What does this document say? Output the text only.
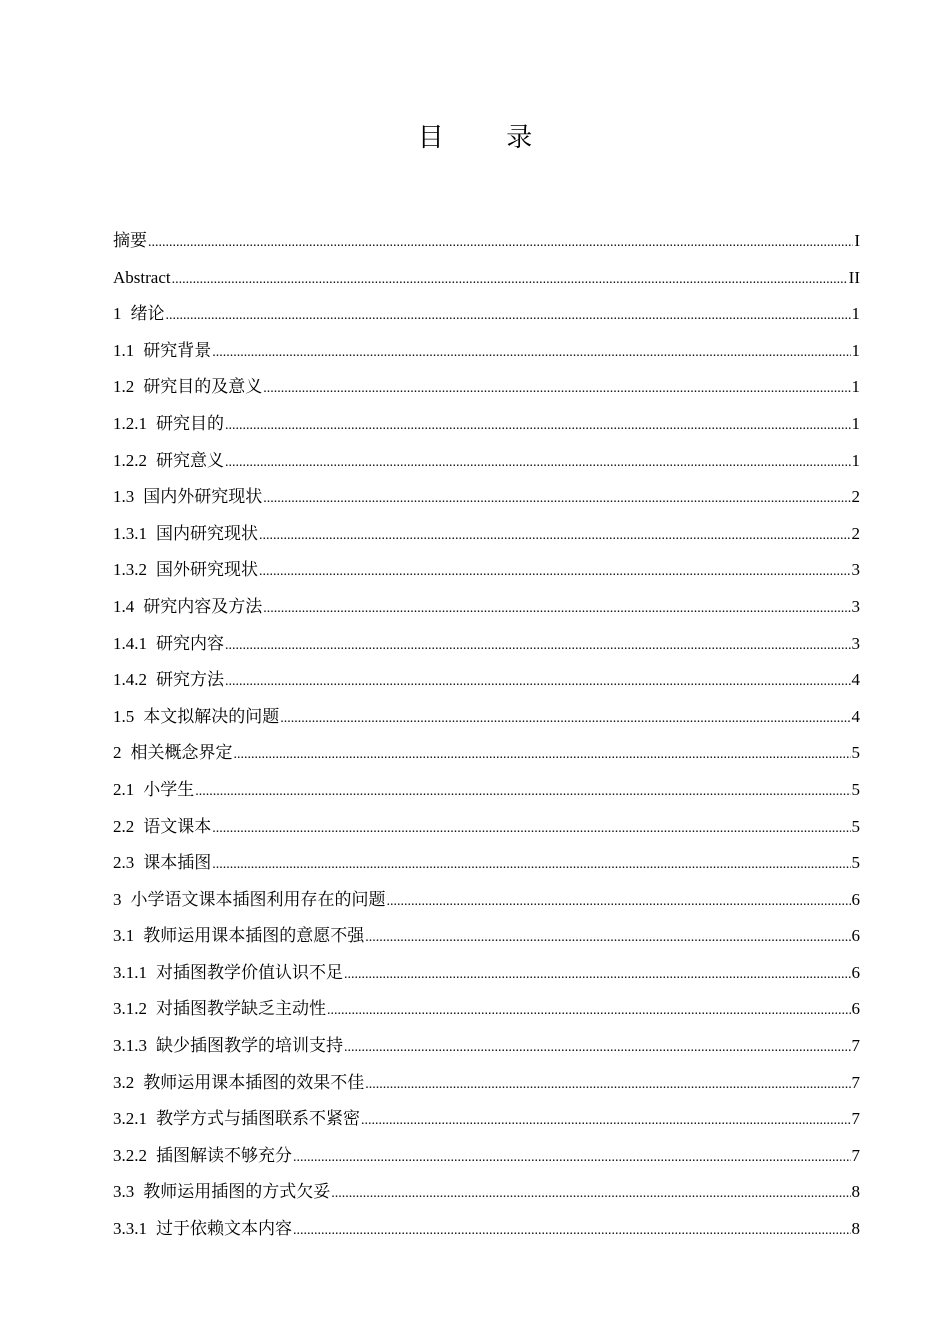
目 录
摘要 .....	I
Abstract .....	II
1 绪论 .....	1
1.1 研究背景 .....	1
1.2 研究目的及意义 .....	1
1.2.1 研究目的 .....	1
1.2.2 研究意义 .....	1
1.3 国内外研究现状 .....	2
1.3.1 国内研究现状 .....	2
1.3.2 国外研究现状 .....	3
1.4 研究内容及方法 .....	3
1.4.1 研究内容 .....	3
1.4.2 研究方法 .....	4
1.5 本文拟解决的问题 .....	4
2 相关概念界定 .....	5
2.1 小学生 .....	5
2.2 语文课本 .....	5
2.3 课本插图 .....	5
3 小学语文课本插图利用存在的问题 .....	6
3.1 教师运用课本插图的意愿不强 .....	6
3.1.1 对插图教学价值认识不足 .....	6
3.1.2 对插图教学缺乏主动性 .....	6
3.1.3 缺少插图教学的培训支持 .....	7
3.2 教师运用课本插图的效果不佳 .....	7
3.2.1 教学方式与插图联系不紧密 .....	7
3.2.2 插图解读不够充分 .....	7
3.3 教师运用插图的方式欠妥 .....	8
3.3.1 过于依赖文本内容 .....	8
